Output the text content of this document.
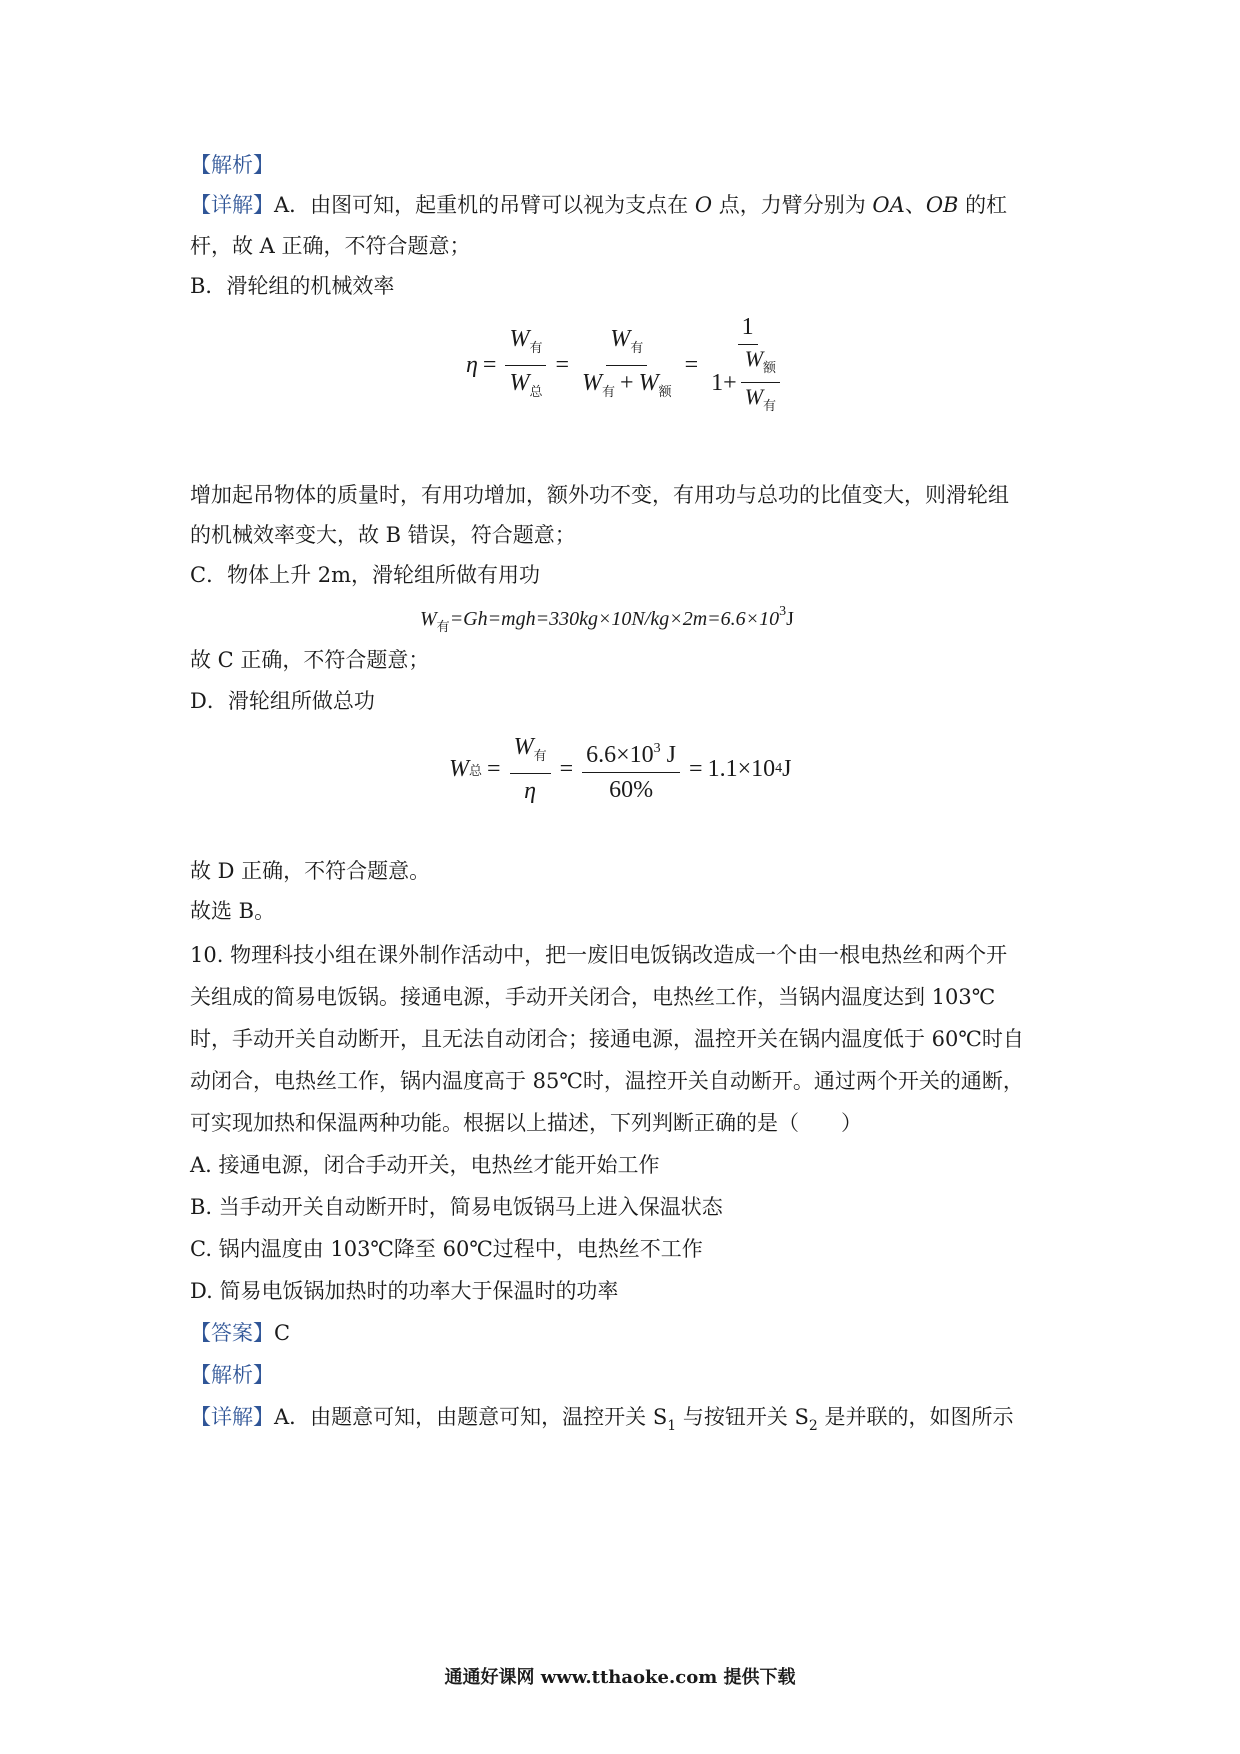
【解析】
【详解】A．由图可知，起重机的吊臂可以视为支点在 O 点，力臂分别为 OA、OB 的杠
杆，故 A 正确，不符合题意；
B．滑轮组的机械效率
$\eta = \frac{W_有}{W_总} = \frac{W_有}{W_有 + W_额} = \frac{1}{1+ \frac{W_额}{W_有}}$
增加起吊物体的质量时，有用功增加，额外功不变，有用功与总功的比值变大，则滑轮组
的机械效率变大，故 B 错误，符合题意；
C．物体上升 2m，滑轮组所做有用功
$W_有=Gh=mgh=330kg\times 10N/kg\times 2m=6.6\times 10^3J$
故 C 正确，不符合题意；
D．滑轮组所做总功
W 总 = $\frac{W_有}{\eta} = \frac{6.6\times 10^3 J}{60\%} = 1.1\times 10$ 4 J
故 D 正确，不符合题意。
故选 B。
10. 物理科技小组在课外制作活动中，把一废旧电饭锅改造成一个由一根电热丝和两个开
关组成的简易电饭锅。接通电源，手动开关闭合，电热丝工作，当锅内温度达到 103℃
时，手动开关自动断开，且无法自动闭合；接通电源，温控开关在锅内温度低于 60℃时自
动闭合，电热丝工作，锅内温度高于 85℃时，温控开关自动断开。通过两个开关的通断，
可实现加热和保温两种功能。根据以上描述，下列判断正确的是（　　）
A. 接通电源，闭合手动开关，电热丝才能开始工作
B. 当手动开关自动断开时，简易电饭锅马上进入保温状态
C. 锅内温度由 103℃降至 60℃过程中，电热丝不工作
D. 简易电饭锅加热时的功率大于保温时的功率
【答案】C
【解析】
【详解】A．由题意可知，由题意可知，温控开关 $S_1$ 与按钮开关 $S_2$ 是并联的，如图所示
通通好课网 www.tthaoke.com 提供下载
